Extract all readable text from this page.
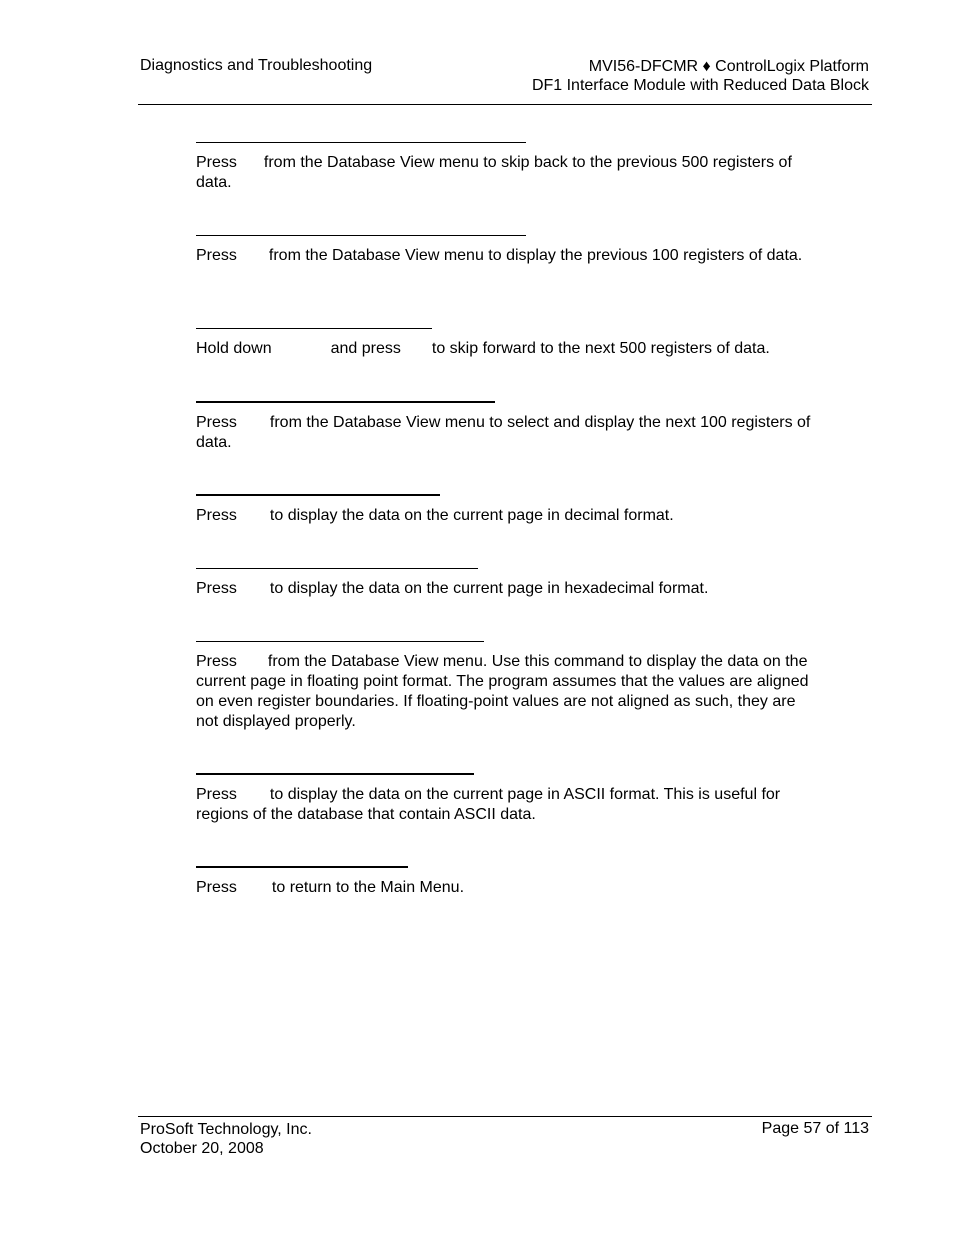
Diagnostics and Troubleshooting	MVI56-DFCMR ♦ ControlLogix Platform
DF1 Interface Module with Reduced Data Block
Press from the Database View menu to skip back to the previous 500 registers of data.
Press from the Database View menu to display the previous 100 registers of data.
Hold down	and press to skip forward to the next 500 registers of data.
Press from the Database View menu to select and display the next 100 registers of data.
Press to display the data on the current page in decimal format.
Press to display the data on the current page in hexadecimal format.
Press from the Database View menu. Use this command to display the data on the current page in floating point format. The program assumes that the values are aligned on even register boundaries. If floating-point values are not aligned as such, they are not displayed properly.
Press to display the data on the current page in ASCII format. This is useful for regions of the database that contain ASCII data.
Press to return to the Main Menu.
ProSoft Technology, Inc.
October 20, 2008
Page 57 of 113
